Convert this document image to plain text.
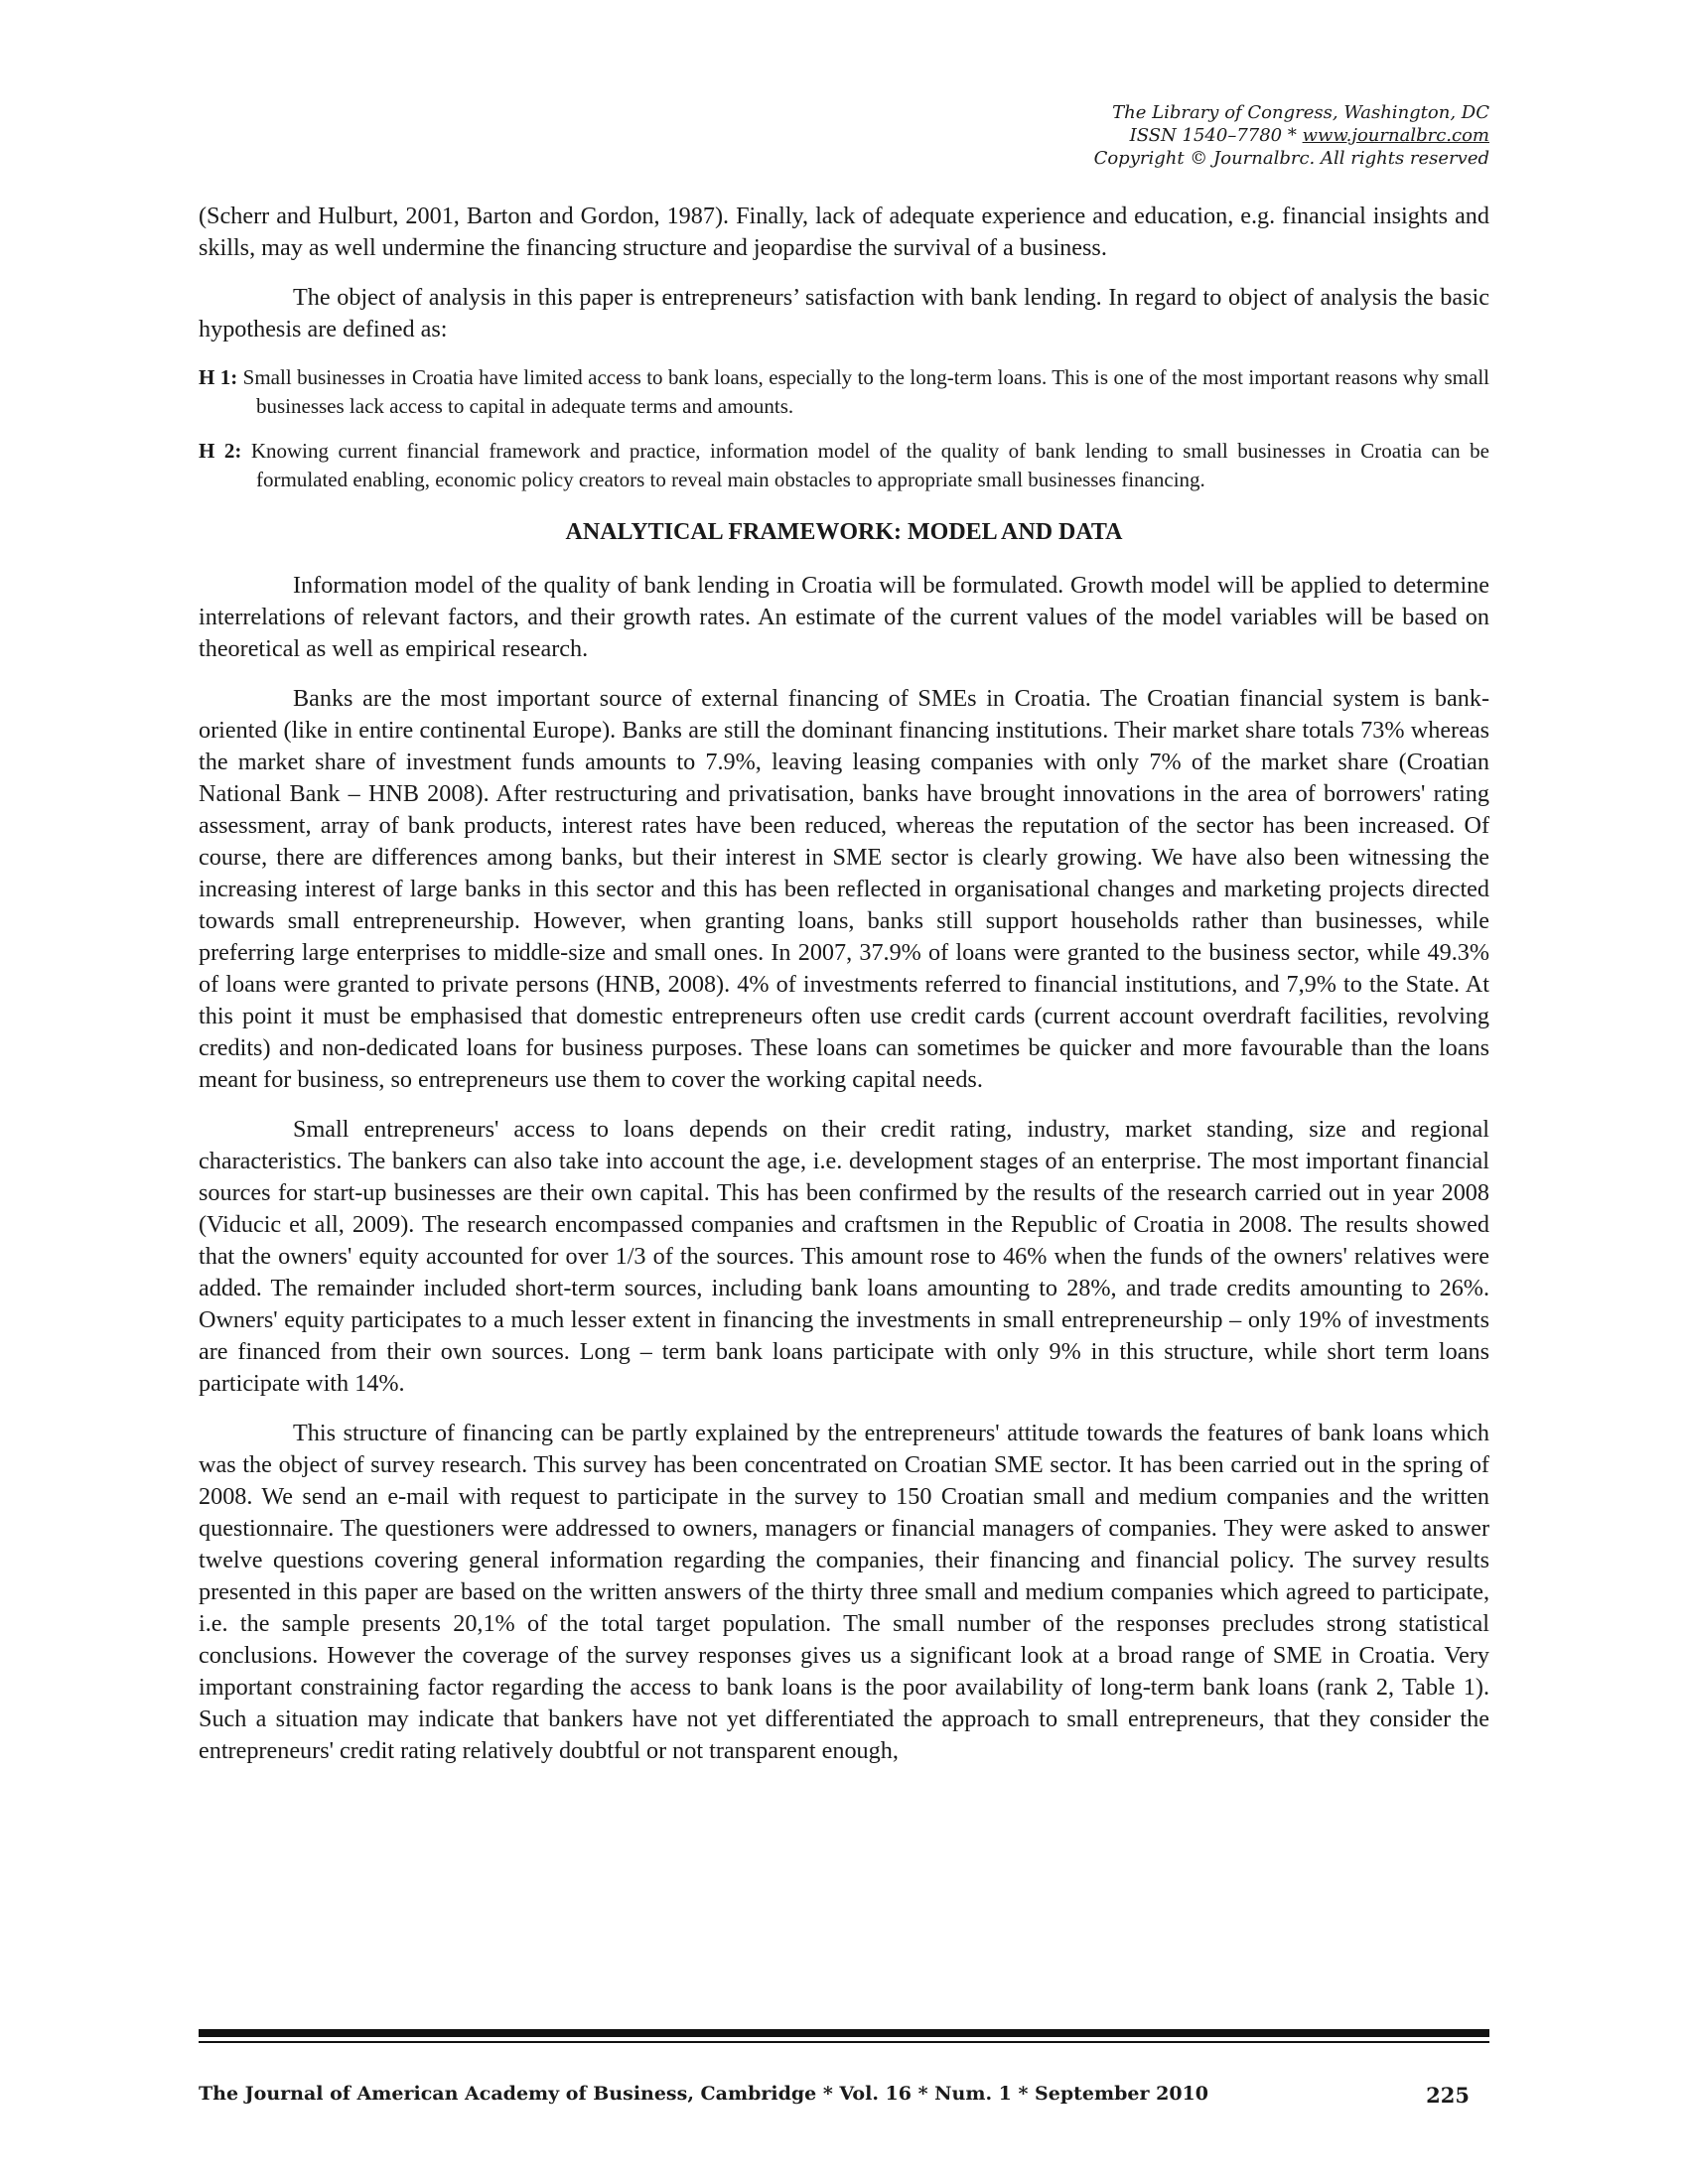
The Library of Congress, Washington, DC
ISSN 1540–7780 * www.journalbrc.com
Copyright © Journalbrc. All rights reserved

(Scherr and Hulburt, 2001, Barton and Gordon, 1987). Finally, lack of adequate experience and education, e.g. financial insights and skills, may as well undermine the financing structure and jeopardise the survival of a business.

The object of analysis in this paper is entrepreneurs’ satisfaction with bank lending. In regard to object of analysis the basic hypothesis are defined as:

H 1: Small businesses in Croatia have limited access to bank loans, especially to the long-term loans. This is one of the most important reasons why small businesses lack access to capital in adequate terms and amounts.
H 2: Knowing current financial framework and practice, information model of the quality of bank lending to small businesses in Croatia can be formulated enabling, economic policy creators to reveal main obstacles to appropriate small businesses financing.
ANALYTICAL FRAMEWORK: MODEL AND DATA

Information model of the quality of bank lending in Croatia will be formulated. Growth model will be applied to determine interrelations of relevant factors, and their growth rates. An estimate of the current values of the model variables will be based on theoretical as well as empirical research.

Banks are the most important source of external financing of SMEs in Croatia. The Croatian financial system is bank-oriented (like in entire continental Europe). Banks are still the dominant financing institutions. Their market share totals 73% whereas the market share of investment funds amounts to 7.9%, leaving leasing companies with only 7% of the market share (Croatian National Bank – HNB 2008). After restructuring and privatisation, banks have brought innovations in the area of borrowers' rating assessment, array of bank products, interest rates have been reduced, whereas the reputation of the sector has been increased. Of course, there are differences among banks, but their interest in SME sector is clearly growing. We have also been witnessing the increasing interest of large banks in this sector and this has been reflected in organisational changes and marketing projects directed towards small entrepreneurship. However, when granting loans, banks still support households rather than businesses, while preferring large enterprises to middle-size and small ones. In 2007, 37.9% of loans were granted to the business sector, while 49.3% of loans were granted to private persons (HNB, 2008). 4% of investments referred to financial institutions, and 7,9% to the State. At this point it must be emphasised that domestic entrepreneurs often use credit cards (current account overdraft facilities, revolving credits) and non-dedicated loans for business purposes. These loans can sometimes be quicker and more favourable than the loans meant for business, so entrepreneurs use them to cover the working capital needs.

Small entrepreneurs' access to loans depends on their credit rating, industry, market standing, size and regional characteristics. The bankers can also take into account the age, i.e. development stages of an enterprise. The most important financial sources for start-up businesses are their own capital. This has been confirmed by the results of the research carried out in year 2008 (Viducic et all, 2009). The research encompassed companies and craftsmen in the Republic of Croatia in 2008. The results showed that the owners' equity accounted for over 1/3 of the sources. This amount rose to 46% when the funds of the owners' relatives were added. The remainder included short-term sources, including bank loans amounting to 28%, and trade credits amounting to 26%. Owners' equity participates to a much lesser extent in financing the investments in small entrepreneurship – only 19% of investments are financed from their own sources. Long – term bank loans participate with only 9% in this structure, while short term loans participate with 14%.

This structure of financing can be partly explained by the entrepreneurs' attitude towards the features of bank loans which was the object of survey research. This survey has been concentrated on Croatian SME sector. It has been carried out in the spring of 2008. We send an e-mail with request to participate in the survey to 150 Croatian small and medium companies and the written questionnaire. The questioners were addressed to owners, managers or financial managers of companies. They were asked to answer twelve questions covering general information regarding the companies, their financing and financial policy. The survey results presented in this paper are based on the written answers of the thirty three small and medium companies which agreed to participate, i.e. the sample presents 20,1% of the total target population. The small number of the responses precludes strong statistical conclusions. However the coverage of the survey responses gives us a significant look at a broad range of SME in Croatia. Very important constraining factor regarding the access to bank loans is the poor availability of long-term bank loans (rank 2, Table 1). Such a situation may indicate that bankers have not yet differentiated the approach to small entrepreneurs, that they consider the entrepreneurs' credit rating relatively doubtful or not transparent enough,

The Journal of American Academy of Business, Cambridge * Vol. 16 * Num. 1 * September 2010	225
